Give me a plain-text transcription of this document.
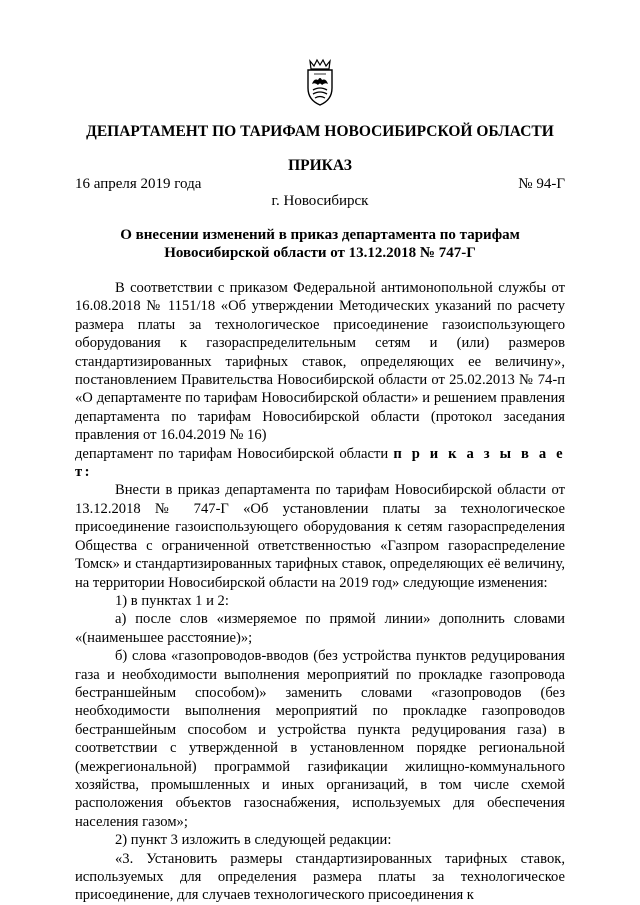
ДЕПАРТАМЕНТ ПО ТАРИФАМ НОВОСИБИРСКОЙ ОБЛАСТИ
ПРИКАЗ
16 апреля 2019 года	№ 94-Г
г. Новосибирск
О внесении изменений в приказ департамента по тарифам Новосибирской области от 13.12.2018 № 747-Г

В соответствии с приказом Федеральной антимонопольной службы от 16.08.2018 № 1151/18 «Об утверждении Методических указаний по расчету размера платы за технологическое присоединение газоиспользующего оборудования к газораспределительным сетям и (или) размеров стандартизированных тарифных ставок, определяющих ее величину», постановлением Правительства Новосибирской области от 25.02.2013 № 74-п «О департаменте по тарифам Новосибирской области» и решением правления департамента по тарифам Новосибирской области (протокол заседания правления от 16.04.2019 № 16)

департамент по тарифам Новосибирской области п р и к а з ы в а е т:

Внести в приказ департамента по тарифам Новосибирской области от 13.12.2018 № 747-Г «Об установлении платы за технологическое присоединение газоиспользующего оборудования к сетям газораспределения Общества с ограниченной ответственностью «Газпром газораспределение Томск» и стандартизированных тарифных ставок, определяющих её величину, на территории Новосибирской области на 2019 год» следующие изменения:

1) в пунктах 1 и 2:

а) после слов «измеряемое по прямой линии» дополнить словами «(наименьшее расстояние)»;

б) слова «газопроводов-вводов (без устройства пунктов редуцирования газа и необходимости выполнения мероприятий по прокладке газопровода бестраншейным способом)» заменить словами «газопроводов (без необходимости выполнения мероприятий по прокладке газопроводов бестраншейным способом и устройства пункта редуцирования газа) в соответствии с утвержденной в установленном порядке региональной (межрегиональной) программой газификации жилищно-коммунального хозяйства, промышленных и иных организаций, в том числе схемой расположения объектов газоснабжения, используемых для обеспечения населения газом»;

2) пункт 3 изложить в следующей редакции:

«3. Установить размеры стандартизированных тарифных ставок, используемых для определения размера платы за технологическое присоединение, для случаев технологического присоединения к
